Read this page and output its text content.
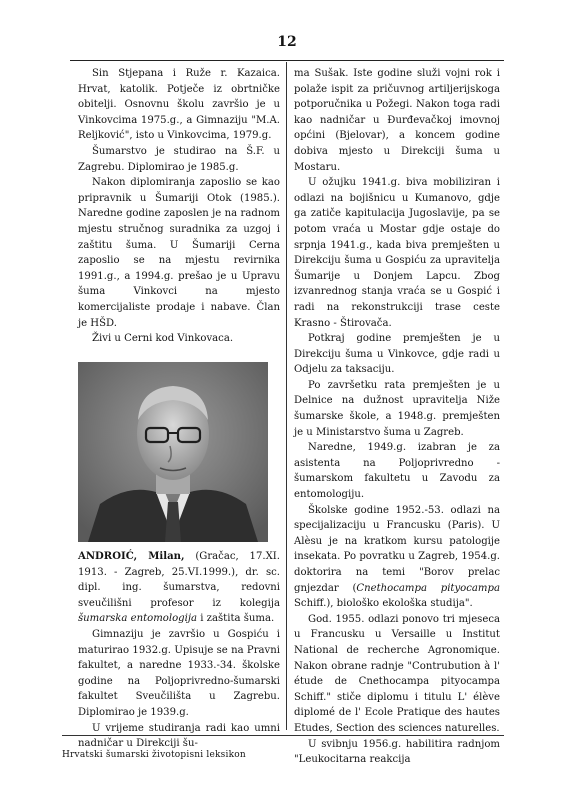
12

Sin Stjepana i Ruže r. Kazaica. Hrvat, katolik. Potječe iz obrtničke obitelji. Osnovnu školu završio je u Vinkovcima 1975.g., a Gimnaziju "M.A. Reljković", isto u Vinkovcima, 1979.g.

Šumarstvo je studirao na Š.F. u Zagrebu. Diplomirao je 1985.g.

Nakon diplomiranja zaposlio se kao pripravnik u Šumariji Otok (1985.). Naredne godine zaposlen je na radnom mjestu stručnog suradnika za uzgoj i zaštitu šuma. U Šumariji Cerna zaposlio se na mjestu revirnika 1991.g., a 1994.g. prešao je u Upravu šuma Vinkovci na mjesto komercijaliste prodaje i nabave. Član je HŠD.

Živi u Cerni kod Vinkovaca.

ANDROIĆ, Milan, (Gračac, 17.XI. 1913. - Zagreb, 25.VI.1999.), dr. sc. dipl. ing. šumarstva, redovni sveučilišni profesor iz kolegija šumarska entomologija i zaštita šuma.

Gimnaziju je završio u Gospiću i maturirao 1932.g. Upisuje se na Pravni fakultet, a naredne 1933.-34. školske godine na Poljoprivredno-šumarski fakultet Sveučilišta u Zagrebu. Diplomirao je 1939.g.

U vrijeme studiranja radi kao umni nadničar u Direkciji šu-

ma Sušak. Iste godine služi vojni rok i polaže ispit za pričuvnog artiljerijskoga potporučnika u Požegi. Nakon toga radi kao nadničar u Đurđevačkoj imovnoj općini (Bjelovar), a koncem godine dobiva mjesto u Direkciji šuma u Mostaru.

U ožujku 1941.g. biva mobiliziran i odlazi na bojišnicu u Kumanovo, gdje ga zatiče kapitulacija Jugoslavije, pa se potom vraća u Mostar gdje ostaje do srpnja 1941.g., kada biva premješten u Direkciju šuma u Gospiću za upravitelja Šumarije u Donjem Lapcu. Zbog izvanrednog stanja vraća se u Gospić i radi na rekonstrukciji trase ceste Krasno - Štirovača.

Potkraj godine premješten je u Direkciju šuma u Vinkovce, gdje radi u Odjelu za taksaciju.

Po završetku rata premješten je u Delnice na dužnost upravitelja Niže šumarske škole, a 1948.g. premješten je u Ministarstvo šuma u Zagreb.

Naredne, 1949.g. izabran je za asistenta na Poljoprivredno - šumarskom fakultetu u Zavodu za entomologiju.

Školske godine 1952.-53. odlazi na specijalizaciju u Francusku (Paris). U Alèsu je na kratkom kursu patologije insekata. Po povratku u Zagreb, 1954.g. doktorira na temi "Borov prelac gnjezdar (Cnethocampa pityocampa Schiff.), biološko ekološka studija".

God. 1955. odlazi ponovo tri mjeseca u Francusku u Versaille u Institut National de recherche Agronomique. Nakon obrane radnje "Contrubution à l' étude de Cnethocampa pityocampa Schiff." stiče diplomu i titulu L' élève diplomé de l' Ecole Pratique des hautes Etudes, Section des sciences naturelles.

U svibnju 1956.g. habilitira radnjom "Leukocitarna reakcija

Hrvatski šumarski životopisni leksikon
